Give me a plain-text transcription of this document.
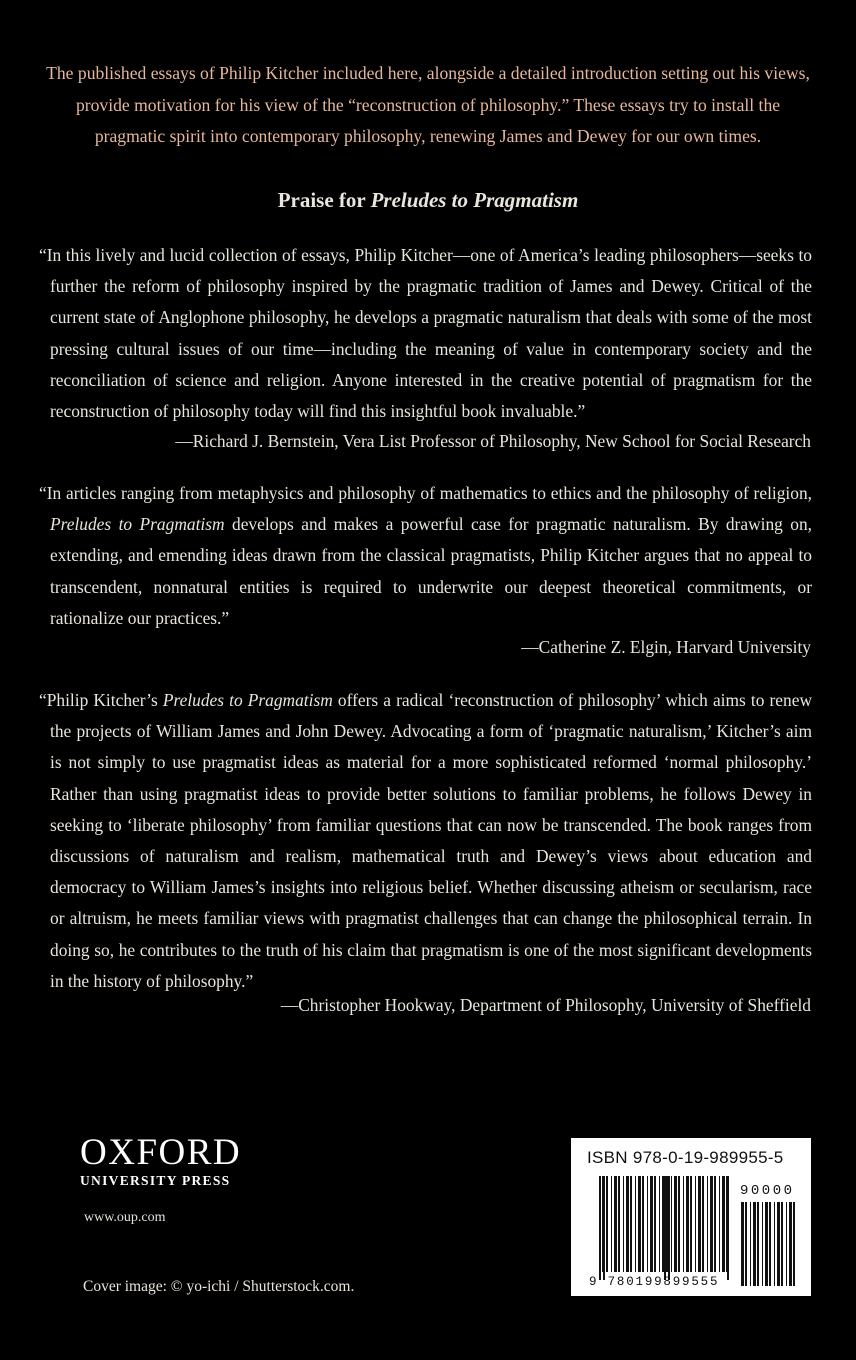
The published essays of Philip Kitcher included here, alongside a detailed introduction setting out his views, provide motivation for his view of the “reconstruction of philosophy.” These essays try to install the pragmatic spirit into contemporary philosophy, renewing James and Dewey for our own times.

Praise for Preludes to Pragmatism

“In this lively and lucid collection of essays, Philip Kitcher—one of America’s leading philosophers—seeks to further the reform of philosophy inspired by the pragmatic tradition of James and Dewey. Critical of the current state of Anglophone philosophy, he develops a pragmatic naturalism that deals with some of the most pressing cultural issues of our time—including the meaning of value in contemporary society and the reconciliation of science and religion. Anyone interested in the creative potential of pragmatism for the reconstruction of philosophy today will find this insightful book invaluable.”

—Richard J. Bernstein, Vera List Professor of Philosophy, New School for Social Research

“In articles ranging from metaphysics and philosophy of mathematics to ethics and the philosophy of religion, Preludes to Pragmatism develops and makes a powerful case for pragmatic naturalism. By drawing on, extending, and emending ideas drawn from the classical pragmatists, Philip Kitcher argues that no appeal to transcendent, nonnatural entities is required to underwrite our deepest theoretical commitments, or rationalize our practices.”

—Catherine Z. Elgin, Harvard University

“Philip Kitcher’s Preludes to Pragmatism offers a radical ‘reconstruction of philosophy’ which aims to renew the projects of William James and John Dewey. Advocating a form of ‘pragmatic naturalism,’ Kitcher’s aim is not simply to use pragmatist ideas as material for a more sophisticated reformed ‘normal philosophy.’ Rather than using pragmatist ideas to provide better solutions to familiar problems, he follows Dewey in seeking to ‘liberate philosophy’ from familiar questions that can now be transcended. The book ranges from discussions of naturalism and realism, mathematical truth and Dewey’s views about education and democracy to William James’s insights into religious belief. Whether discussing atheism or secularism, race or altruism, he meets familiar views with pragmatist challenges that can change the philosophical terrain. In doing so, he contributes to the truth of his claim that pragmatism is one of the most significant developments in the history of philosophy.”

—Christopher Hookway, Department of Philosophy, University of Sheffield

OXFORD
UNIVERSITY PRESS
www.oup.com
Cover image: © yo-ichi / Shutterstock.com.
ISBN 978-0-19-989955-5
90000
9 780199899555
